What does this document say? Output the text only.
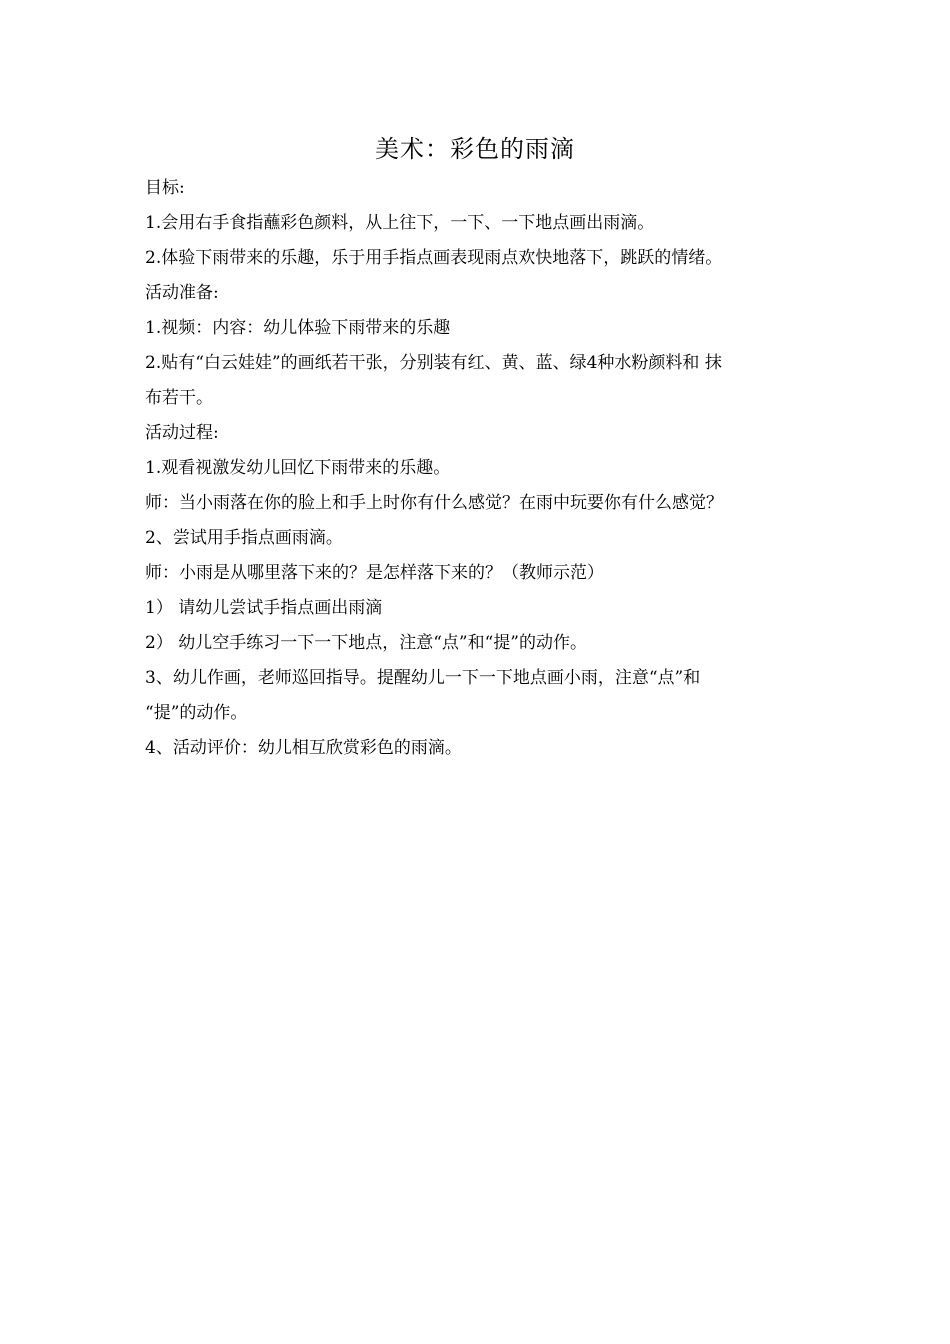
美术：彩色的雨滴
目标:
1.会用右手食指蘸彩色颜料，从上往下，一下、一下地点画出雨滴。
2.体验下雨带来的乐趣，乐于用手指点画表现雨点欢快地落下，跳跃的情绪。
活动准备:
1.视频：内容：幼儿体验下雨带来的乐趣
2.贴有“白云娃娃”的画纸若干张，分别装有红、黄、蓝、绿4种水粉颜料和 抹
布若干。
活动过程:
1.观看视激发幼儿回忆下雨带来的乐趣。
师：当小雨落在你的脸上和手上时你有什么感觉？在雨中玩要你有什么感觉？
2、尝试用手指点画雨滴。
师：小雨是从哪里落下来的？是怎样落下来的？（教师示范）
1） 请幼儿尝试手指点画出雨滴
2） 幼儿空手练习一下一下地点，注意“点”和“提”的动作。
3、幼儿作画，老师巡回指导。提醒幼儿一下一下地点画小雨，注意“点”和
“提”的动作。
4、活动评价：幼儿相互欣赏彩色的雨滴。
